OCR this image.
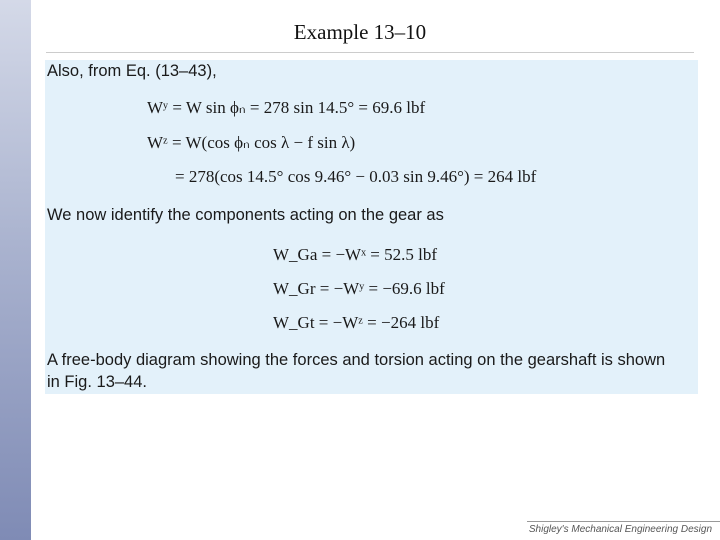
Example 13–10
Also, from Eq. (13–43),
Wʸ = W sin ϕₙ = 278 sin 14.5° = 69.6 lbf
Wᶻ = W(cos ϕₙ cos λ − f sin λ)
= 278(cos 14.5° cos 9.46° − 0.03 sin 9.46°) = 264 lbf
We now identify the components acting on the gear as
W_Ga = −Wˣ = 52.5 lbf
W_Gr = −Wʸ = −69.6 lbf
W_Gt = −Wᶻ = −264 lbf
A free-body diagram showing the forces and torsion acting on the gearshaft is shown
in Fig. 13–44.
Shigley's Mechanical Engineering Design
